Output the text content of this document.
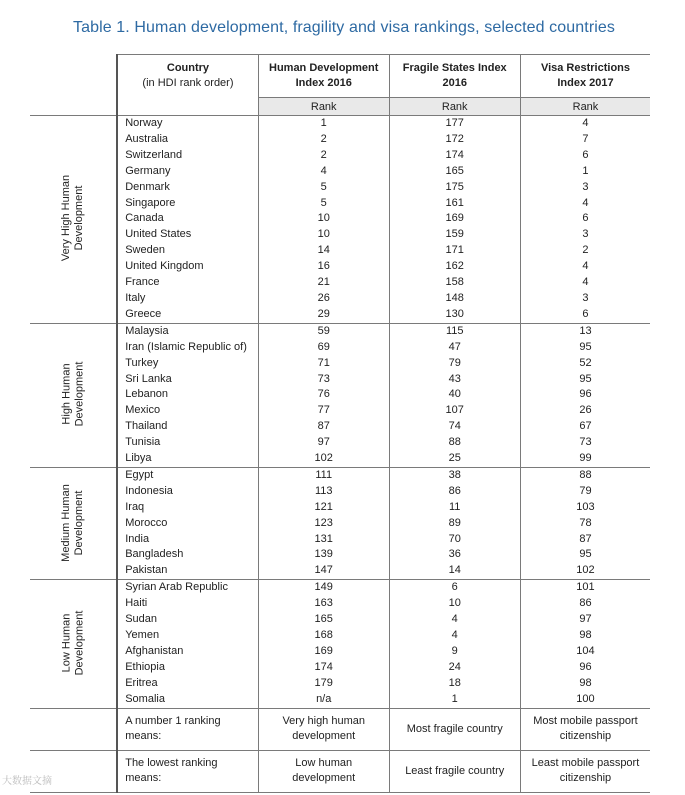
Table 1. Human development, fragility and visa rankings, selected countries
	Country
(in HDI rank order)	Human Development Index 2016	Fragile States Index 2016	Visa Restrictions Index 2017
		Rank	Rank	Rank
Very High Human
Development	Norway	1	177	4
	Australia	2	172	7
	Switzerland	2	174	6
	Germany	4	165	1
	Denmark	5	175	3
	Singapore	5	161	4
	Canada	10	169	6
	United States	10	159	3
	Sweden	14	171	2
	United Kingdom	16	162	4
	France	21	158	4
	Italy	26	148	3
	Greece	29	130	6
High Human
Development	Malaysia	59	115	13
	Iran (Islamic Republic of)	69	47	95
	Turkey	71	79	52
	Sri Lanka	73	43	95
	Lebanon	76	40	96
	Mexico	77	107	26
	Thailand	87	74	67
	Tunisia	97	88	73
	Libya	102	25	99
Medium Human
Development	Egypt	111	38	88
	Indonesia	113	86	79
	Iraq	121	11	103
	Morocco	123	89	78
	India	131	70	87
	Bangladesh	139	36	95
	Pakistan	147	14	102
Low Human
Development	Syrian Arab Republic	149	6	101
	Haiti	163	10	86
	Sudan	165	4	97
	Yemen	168	4	98
	Afghanistan	169	9	104
	Ethiopia	174	24	96
	Eritrea	179	18	98
	Somalia	n/a	1	100
	A number 1 ranking means:	Very high human development	Most fragile country	Most mobile passport citizenship
	The lowest ranking means:	Low human development	Least fragile country	Least mobile passport citizenship
大数据文摘
